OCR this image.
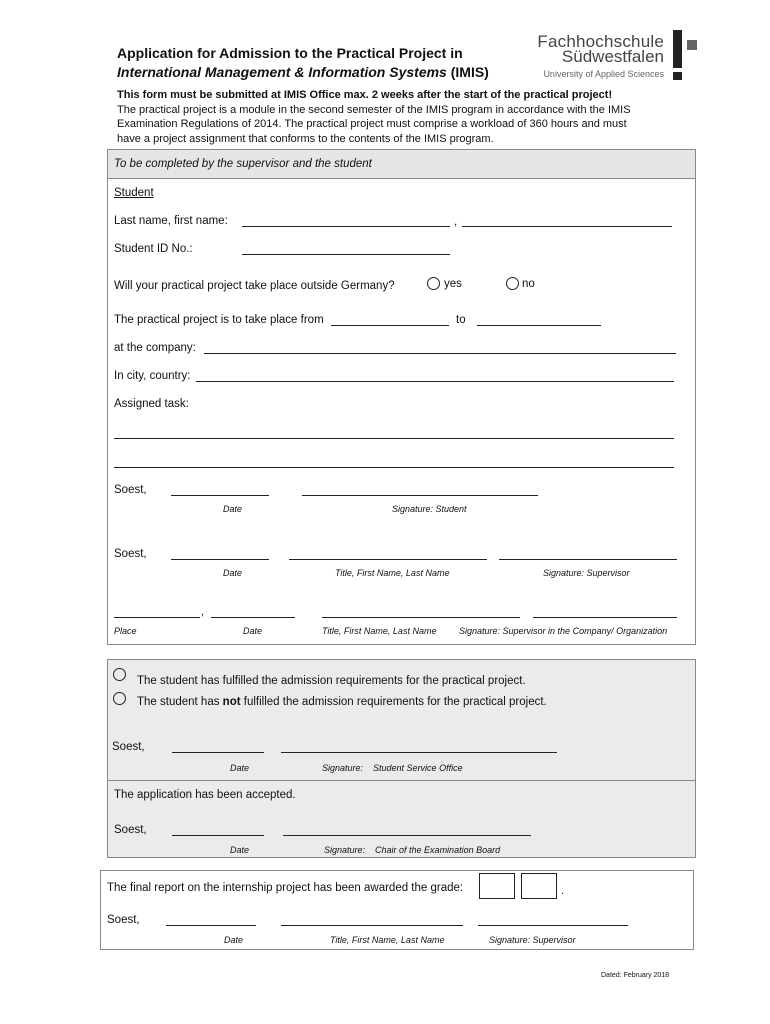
Application for Admission to the Practical Project in
International Management & Information Systems (IMIS)
Fachhochschule
Südwestfalen
University of Applied Sciences
This form must be submitted at IMIS Office max. 2 weeks after the start of the practical project!
The practical project is a module in the second semester of the IMIS program in accordance with the IMIS
Examination Regulations of 2014. The practical project must comprise a workload of 360 hours and must
have a project assignment that conforms to the contents of the IMIS program.
To be completed by the supervisor and the student
Student
Last name, first name:	,
Student ID No.:
Will your practical project take place outside Germany?	yes	no
The practical project is to take place from	to
at the company:
In city, country:
Assigned task:
Soest,
Date	Signature: Student
Soest,
Date	Title, First Name, Last Name	Signature: Supervisor
,
Place	Date	Title, First Name, Last Name	Signature: Supervisor in the Company/ Organization
The student has fulfilled the admission requirements for the practical project.
The student has not fulfilled the admission requirements for the practical project.
Soest,
Date	Signature:    Student Service Office
The application has been accepted.
Soest,
Date	Signature:    Chair of the Examination Board
The final report on the internship project has been awarded the grade:	.
Soest,
Date	Title, First Name, Last Name	Signature: Supervisor
Dated: February 2018
